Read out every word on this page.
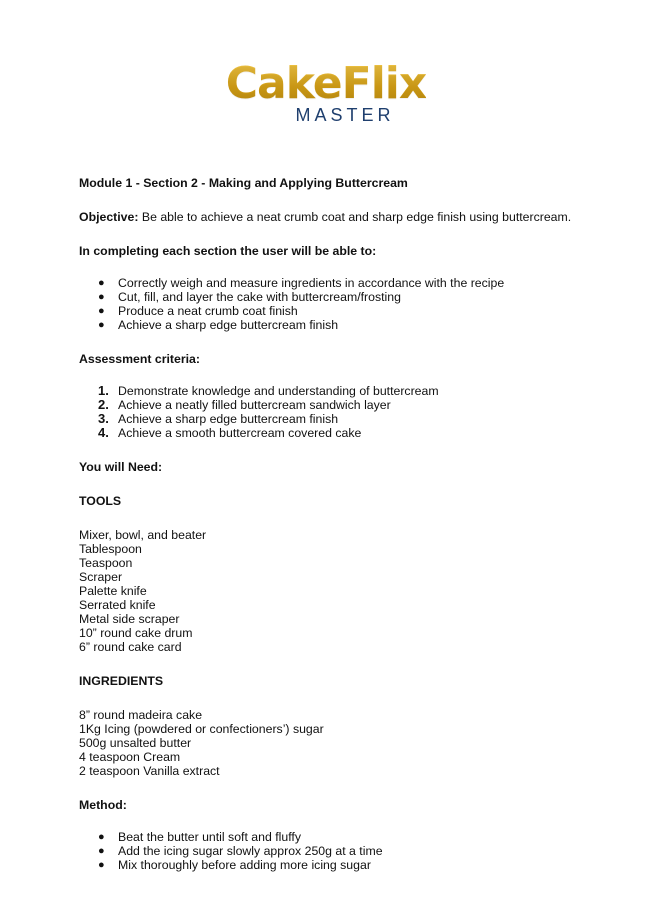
CakeFlix
MASTER

Module 1 - Section 2 - Making and Applying Buttercream

Objective: Be able to achieve a neat crumb coat and sharp edge finish using buttercream.

In completing each section the user will be able to:

● Correctly weigh and measure ingredients in accordance with the recipe
● Cut, fill, and layer the cake with buttercream/frosting
● Produce a neat crumb coat finish
● Achieve a sharp edge buttercream finish

Assessment criteria:

1. Demonstrate knowledge and understanding of buttercream
2. Achieve a neatly filled buttercream sandwich layer
3. Achieve a sharp edge buttercream finish
4. Achieve a smooth buttercream covered cake

You will Need:

TOOLS

Mixer, bowl, and beater

Tablespoon

Teaspoon

Scraper

Palette knife

Serrated knife

Metal side scraper

10” round cake drum

6” round cake card

INGREDIENTS

8” round madeira cake

1Kg Icing (powdered or confectioners’) sugar

500g unsalted butter

4 teaspoon Cream

2 teaspoon Vanilla extract

Method:

● Beat the butter until soft and fluffy
● Add the icing sugar slowly approx 250g at a time
● Mix thoroughly before adding more icing sugar
